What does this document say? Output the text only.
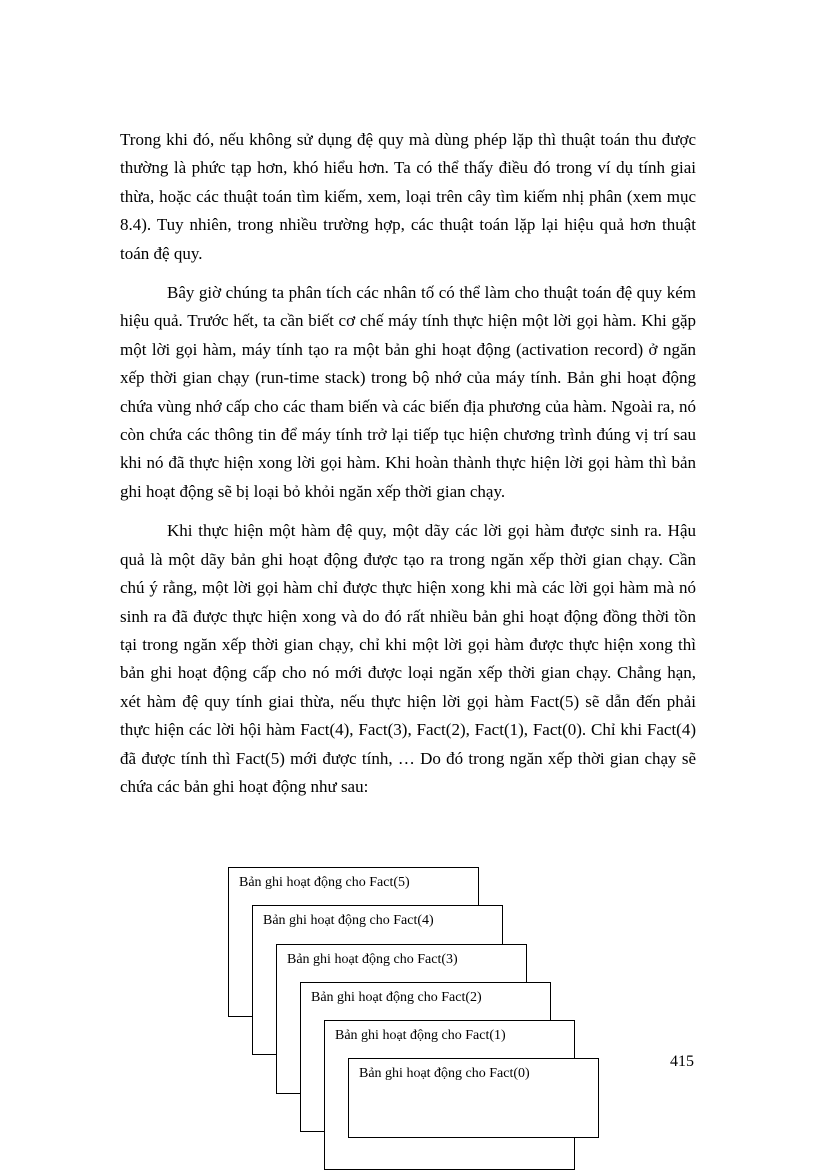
Trong khi đó, nếu không sử dụng đệ quy mà dùng phép lặp thì thuật toán thu được thường là phức tạp hơn, khó hiểu hơn. Ta có thể thấy điều đó trong ví dụ tính giai thừa, hoặc các thuật toán tìm kiếm, xem, loại trên cây tìm kiếm nhị phân (xem mục 8.4). Tuy nhiên, trong nhiều trường hợp, các thuật toán lặp lại hiệu quả hơn thuật toán đệ quy.

Bây giờ chúng ta phân tích các nhân tố có thể làm cho thuật toán đệ quy kém hiệu quả. Trước hết, ta cần biết cơ chế máy tính thực hiện một lời gọi hàm. Khi gặp một lời gọi hàm, máy tính tạo ra một bản ghi hoạt động (activation record) ở ngăn xếp thời gian chạy (run-time stack) trong bộ nhớ của máy tính. Bản ghi hoạt động chứa vùng nhớ cấp cho các tham biến và các biến địa phương của hàm. Ngoài ra, nó còn chứa các thông tin để máy tính trở lại tiếp tục hiện chương trình đúng vị trí sau khi nó đã thực hiện xong lời gọi hàm. Khi hoàn thành thực hiện lời gọi hàm thì bản ghi hoạt động sẽ bị loại bỏ khỏi ngăn xếp thời gian chạy.

Khi thực hiện một hàm đệ quy, một dãy các lời gọi hàm được sinh ra. Hậu quả là một dãy bản ghi hoạt động được tạo ra trong ngăn xếp thời gian chạy. Cần chú ý rằng, một lời gọi hàm chỉ được thực hiện xong khi mà các lời gọi hàm mà nó sinh ra đã được thực hiện xong và do đó rất nhiều bản ghi hoạt động đồng thời tồn tại trong ngăn xếp thời gian chạy, chỉ khi một lời gọi hàm được thực hiện xong thì bản ghi hoạt động cấp cho nó mới được loại ngăn xếp thời gian chạy. Chẳng hạn, xét hàm đệ quy tính giai thừa, nếu thực hiện lời gọi hàm Fact(5) sẽ dẫn đến phải thực hiện các lời hội hàm Fact(4), Fact(3), Fact(2), Fact(1), Fact(0). Chỉ khi Fact(4) đã được tính thì Fact(5) mới được tính, … Do đó trong ngăn xếp thời gian chạy sẽ chứa các bản ghi hoạt động như sau:

Bản ghi hoạt động cho Fact(5)
Bản ghi hoạt động cho Fact(4)
Bản ghi hoạt động cho Fact(3)
Bản ghi hoạt động cho Fact(2)
Bản ghi hoạt động cho Fact(1)
Bản ghi hoạt động cho Fact(0)
415
